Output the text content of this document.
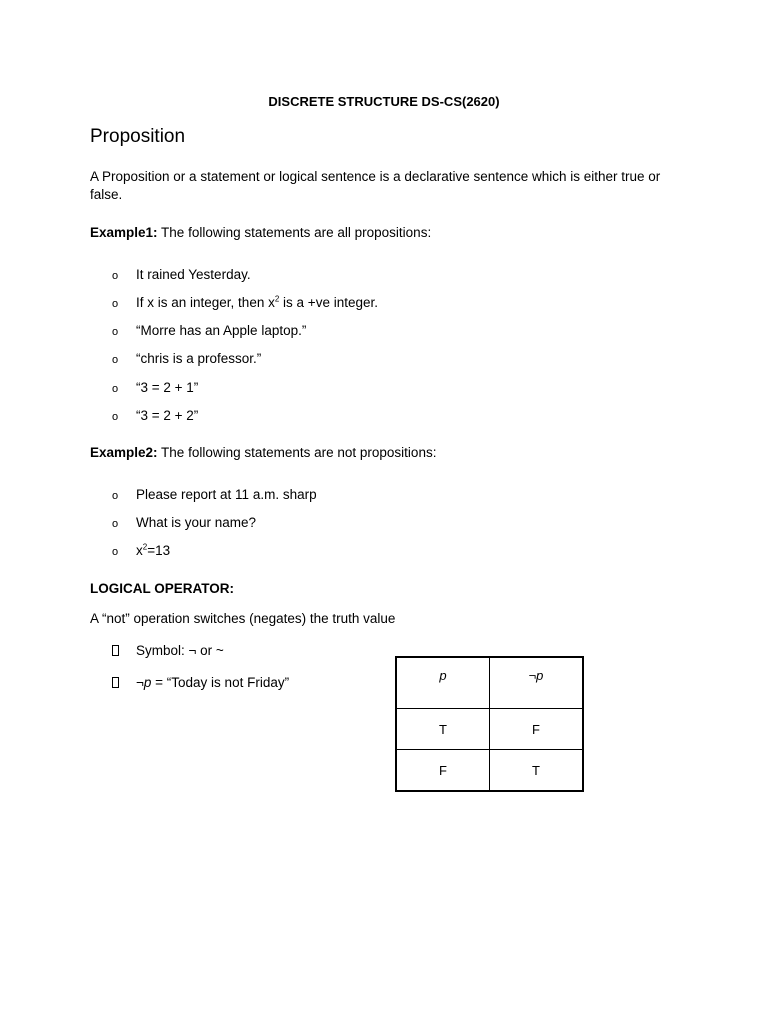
DISCRETE STRUCTURE DS-CS(2620)
Proposition
A Proposition or a statement or logical sentence is a declarative sentence which is either true or false.
Example1: The following statements are all propositions:
o It rained Yesterday.
o If x is an integer, then $x^2$ is a +ve integer.
o “Morre has an Apple laptop.”
o “chris is a professor.”
o “3 = 2 + 1”
o “3 = 2 + 2”
Example2: The following statements are not propositions:
o Please report at 11 a.m. sharp
o What is your name?
o $x^2=13$
LOGICAL OPERATOR:
A “not” operation switches (negates) the truth value
Symbol: ¬ or ~
¬p = “Today is not Friday”	p	¬p
T	F
F	T
